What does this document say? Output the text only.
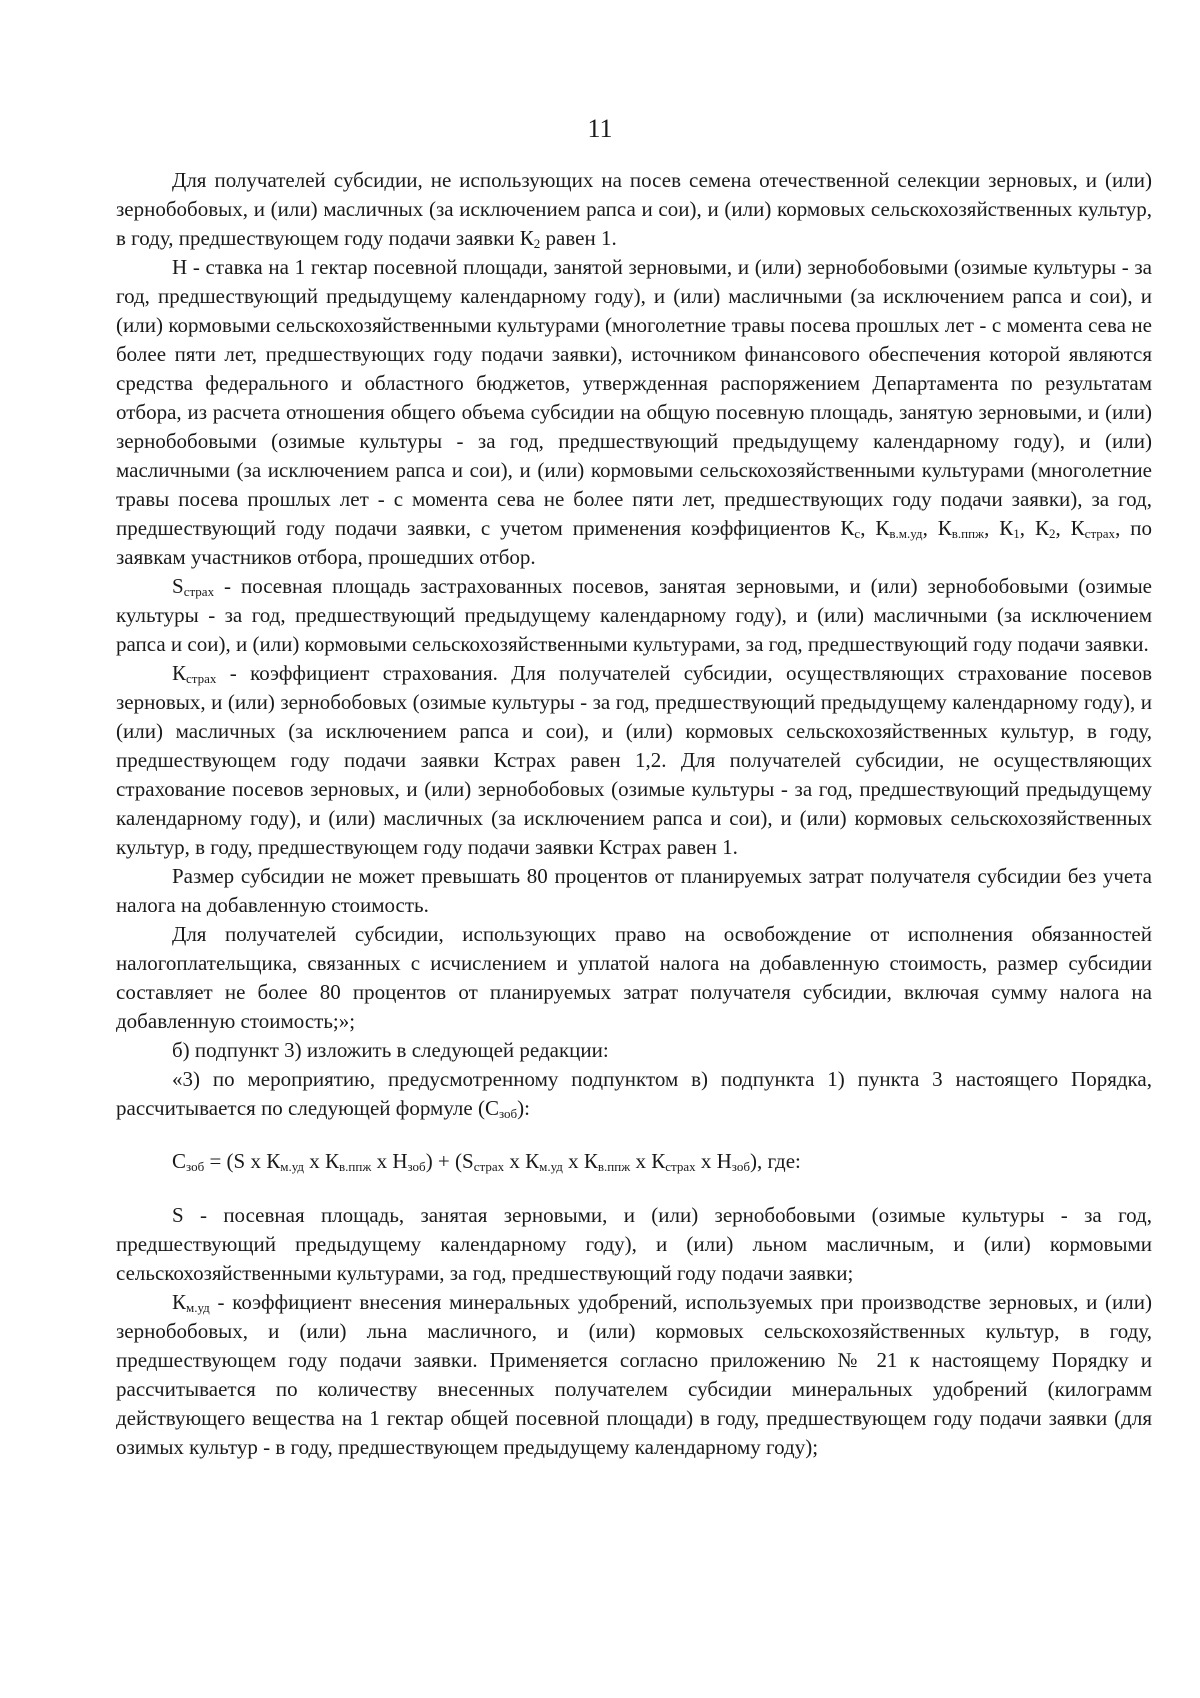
11

Для получателей субсидии, не использующих на посев семена отечественной селекции зерновых, и (или) зернобобовых, и (или) масличных (за исключением рапса и сои), и (или) кормовых сельскохозяйственных культур, в году, предшествующем году подачи заявки $К_2$ равен 1.

Н - ставка на 1 гектар посевной площади, занятой зерновыми, и (или) зернобобовыми (озимые культуры - за год, предшествующий предыдущему календарному году), и (или) масличными (за исключением рапса и сои), и (или) кормовыми сельскохозяйственными культурами (многолетние травы посева прошлых лет - с момента сева не более пяти лет, предшествующих году подачи заявки), источником финансового обеспечения которой являются средства федерального и областного бюджетов, утвержденная распоряжением Департамента по результатам отбора, из расчета отношения общего объема субсидии на общую посевную площадь, занятую зерновыми, и (или) зернобобовыми (озимые культуры - за год, предшествующий предыдущему календарному году), и (или) масличными (за исключением рапса и сои), и (или) кормовыми сельскохозяйственными культурами (многолетние травы посева прошлых лет - с момента сева не более пяти лет, предшествующих году подачи заявки), за год, предшествующий году подачи заявки, с учетом применения коэффициентов $К_с$, $К_{в.м.уд}$, $К_{в.ппж}$, $К_1$, $К_2$, $К_{страх}$, по заявкам участников отбора, прошедших отбор.

$S_{страх}$ - посевная площадь застрахованных посевов, занятая зерновыми, и (или) зернобобовыми (озимые культуры - за год, предшествующий предыдущему календарному году), и (или) масличными (за исключением рапса и сои), и (или) кормовыми сельскохозяйственными культурами, за год, предшествующий году подачи заявки.

$К_{страх}$ - коэффициент страхования. Для получателей субсидии, осуществляющих страхование посевов зерновых, и (или) зернобобовых (озимые культуры - за год, предшествующий предыдущему календарному году), и (или) масличных (за исключением рапса и сои), и (или) кормовых сельскохозяйственных культур, в году, предшествующем году подачи заявки Кстрах равен 1,2. Для получателей субсидии, не осуществляющих страхование посевов зерновых, и (или) зернобобовых (озимые культуры - за год, предшествующий предыдущему календарному году), и (или) масличных (за исключением рапса и сои), и (или) кормовых сельскохозяйственных культур, в году, предшествующем году подачи заявки Кстрах равен 1.

Размер субсидии не может превышать 80 процентов от планируемых затрат получателя субсидии без учета налога на добавленную стоимость.

Для получателей субсидии, использующих право на освобождение от исполнения обязанностей налогоплательщика, связанных с исчислением и уплатой налога на добавленную стоимость, размер субсидии составляет не более 80 процентов от планируемых затрат получателя субсидии, включая сумму налога на добавленную стоимость;»;

б) подпункт 3) изложить в следующей редакции:

«3) по мероприятию, предусмотренному подпунктом в) подпункта 1) пункта 3 настоящего Порядка, рассчитывается по следующей формуле $(С_{зоб})$:

$С_{зоб} = (S$ x $К_{м.уд}$ x $К_{в.ппж}$ x $Н_{зоб}) + (S_{страх}$ x $К_{м.уд}$ x $К_{в.ппж}$ x $К_{страх}$ x $Н_{зоб}$), где:

S - посевная площадь, занятая зерновыми, и (или) зернобобовыми (озимые культуры - за год, предшествующий предыдущему календарному году), и (или) льном масличным, и (или) кормовыми сельскохозяйственными культурами, за год, предшествующий году подачи заявки;

$К_{м.уд}$ - коэффициент внесения минеральных удобрений, используемых при производстве зерновых, и (или) зернобобовых, и (или) льна масличного, и (или) кормовых сельскохозяйственных культур, в году, предшествующем году подачи заявки. Применяется согласно приложению № 21 к настоящему Порядку и рассчитывается по количеству внесенных получателем субсидии минеральных удобрений (килограмм действующего вещества на 1 гектар общей посевной площади) в году, предшествующем году подачи заявки (для озимых культур - в году, предшествующем предыдущему календарному году);
